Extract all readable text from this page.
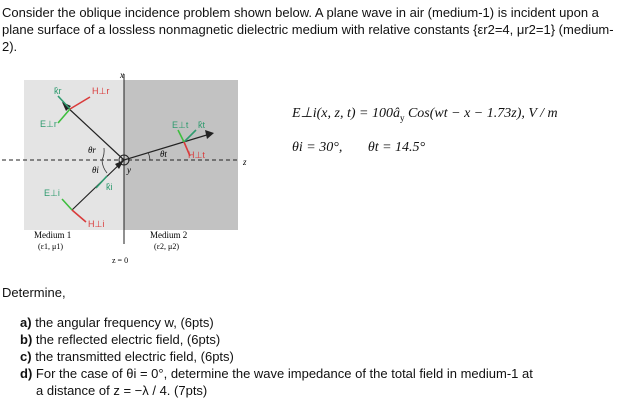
Consider the oblique incidence problem shown below. A plane wave in air (medium-1) is incident upon a plane surface of a lossless nonmagnetic dielectric medium with relative constants {εr2=4, μr2=1} (medium-2).

x
z
y
k̂r	H⊥r
E⊥r
k̂i
E⊥i
H⊥i
θr
θi
k̂t
E⊥t
H⊥t
θt
Medium 1
(ε1, μ1)
Medium 2
(ε2, μ2)
z = 0
E⊥i(x, z, $t) = 100â_y$ Cos(wt − x − 1.73z), V / m
θi = 30°, θt = 14.5°

Determine,

a) the angular frequency w, (6pts)
b) the reflected electric field, (6pts)
c) the transmitted electric field, (6pts)
d) For the case of θi = 0°, determine the wave impedance of the total field in medium-1 at
a distance of z = −λ / 4. (7pts)
